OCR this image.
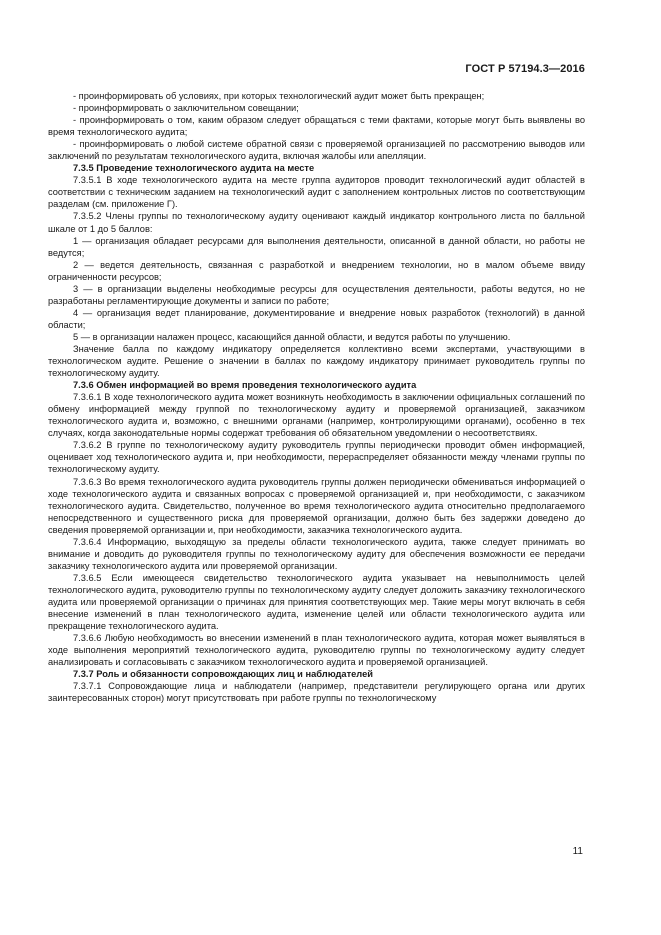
ГОСТ Р 57194.3—2016

- проинформировать об условиях, при которых технологический аудит может быть прекращен;

- проинформировать о заключительном совещании;

- проинформировать о том, каким образом следует обращаться с теми фактами, которые могут быть выявлены во время технологического аудита;

- проинформировать о любой системе обратной связи с проверяемой организацией по рассмотрению выводов или заключений по результатам технологического аудита, включая жалобы или апелляции.

7.3.5 Проведение технологического аудита на месте

7.3.5.1 В ходе технологического аудита на месте группа аудиторов проводит технологический аудит областей в соответствии с техническим заданием на технологический аудит с заполнением контрольных листов по соответствующим разделам (см. приложение Г).

7.3.5.2 Члены группы по технологическому аудиту оценивают каждый индикатор контрольного листа по балльной шкале от 1 до 5 баллов:

1 — организация обладает ресурсами для выполнения деятельности, описанной в данной области, но работы не ведутся;

2 — ведется деятельность, связанная с разработкой и внедрением технологии, но в малом объеме ввиду ограниченности ресурсов;

3 — в организации выделены необходимые ресурсы для осуществления деятельности, работы ведутся, но не разработаны регламентирующие документы и записи по работе;

4 — организация ведет планирование, документирование и внедрение новых разработок (технологий) в данной области;

5 — в организации налажен процесс, касающийся данной области, и ведутся работы по улучшению.

Значение балла по каждому индикатору определяется коллективно всеми экспертами, участвующими в технологическом аудите. Решение о значении в баллах по каждому индикатору принимает руководитель группы по технологическому аудиту.

7.3.6 Обмен информацией во время проведения технологического аудита

7.3.6.1 В ходе технологического аудита может возникнуть необходимость в заключении официальных соглашений по обмену информацией между группой по технологическому аудиту и проверяемой организацией, заказчиком технологического аудита и, возможно, с внешними органами (например, контролирующими органами), особенно в тех случаях, когда законодательные нормы содержат требования об обязательном уведомлении о несоответствиях.

7.3.6.2 В группе по технологическому аудиту руководитель группы периодически проводит обмен информацией, оценивает ход технологического аудита и, при необходимости, перераспределяет обязанности между членами группы по технологическому аудиту.

7.3.6.3 Во время технологического аудита руководитель группы должен периодически обмениваться информацией о ходе технологического аудита и связанных вопросах с проверяемой организацией и, при необходимости, с заказчиком технологического аудита. Свидетельство, полученное во время технологического аудита относительно предполагаемого непосредственного и существенного риска для проверяемой организации, должно быть без задержки доведено до сведения проверяемой организации и, при необходимости, заказчика технологического аудита.

7.3.6.4 Информацию, выходящую за пределы области технологического аудита, также следует принимать во внимание и доводить до руководителя группы по технологическому аудиту для обеспечения возможности ее передачи заказчику технологического аудита или проверяемой организации.

7.3.6.5 Если имеющееся свидетельство технологического аудита указывает на невыполнимость целей технологического аудита, руководителю группы по технологическому аудиту следует доложить заказчику технологического аудита или проверяемой организации о причинах для принятия соответствующих мер. Такие меры могут включать в себя внесение изменений в план технологического аудита, изменение целей или области технологического аудита или прекращение технологического аудита.

7.3.6.6 Любую необходимость во внесении изменений в план технологического аудита, которая может выявляться в ходе выполнения мероприятий технологического аудита, руководителю группы по технологическому аудиту следует анализировать и согласовывать с заказчиком технологического аудита и проверяемой организацией.

7.3.7 Роль и обязанности сопровождающих лиц и наблюдателей

7.3.7.1 Сопровождающие лица и наблюдатели (например, представители регулирующего органа или других заинтересованных сторон) могут присутствовать при работе группы по технологическому

11
